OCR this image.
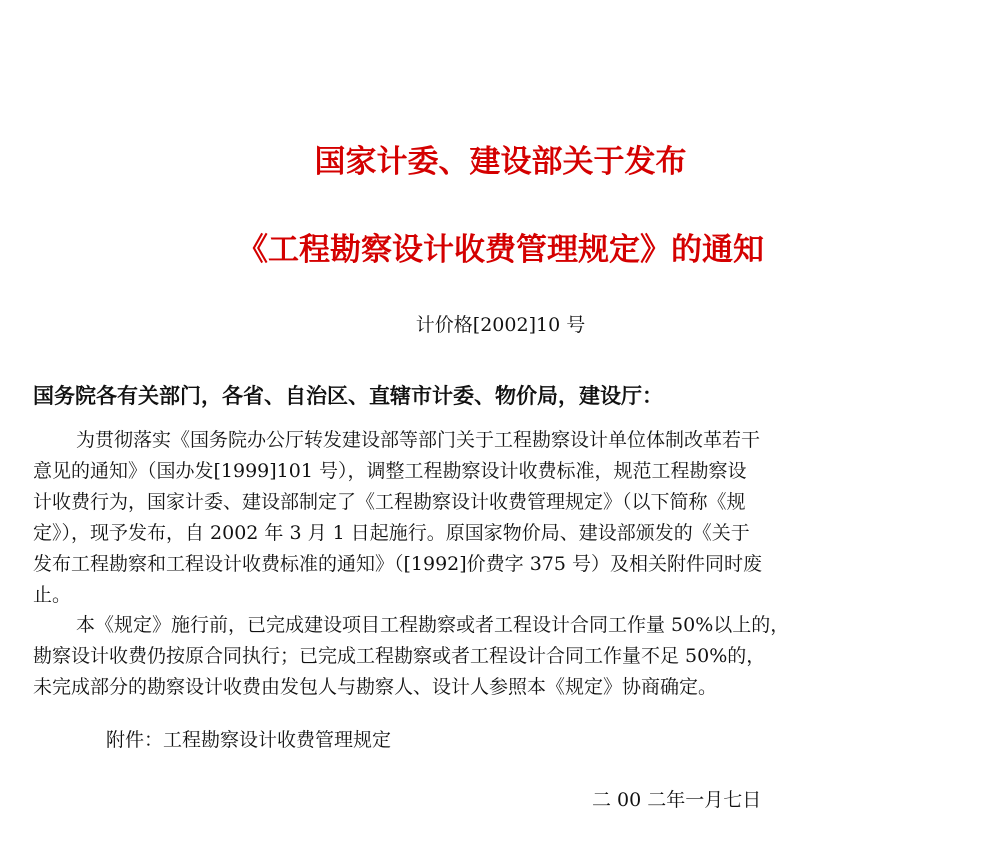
国家计委、建设部关于发布
《工程勘察设计收费管理规定》的通知
计价格[2002]10 号
国务院各有关部门，各省、自治区、直辖市计委、物价局，建设厅：

为贯彻落实《国务院办公厅转发建设部等部门关于工程勘察设计单位体制改革若干
意见的通知》（国办发[1999]101 号），调整工程勘察设计收费标准，规范工程勘察设
计收费行为，国家计委、建设部制定了《工程勘察设计收费管理规定》（以下简称《规
定》），现予发布，自 2002 年 3 月 1 日起施行。原国家物价局、建设部颁发的《关于
发布工程勘察和工程设计收费标准的通知》（[1992]价费字 375 号）及相关附件同时废
止。

本《规定》施行前，已完成建设项目工程勘察或者工程设计合同工作量 50%以上的，
勘察设计收费仍按原合同执行；已完成工程勘察或者工程设计合同工作量不足 50%的，
未完成部分的勘察设计收费由发包人与勘察人、设计人参照本《规定》协商确定。

附件：工程勘察设计收费管理规定
二 00 二年一月七日
